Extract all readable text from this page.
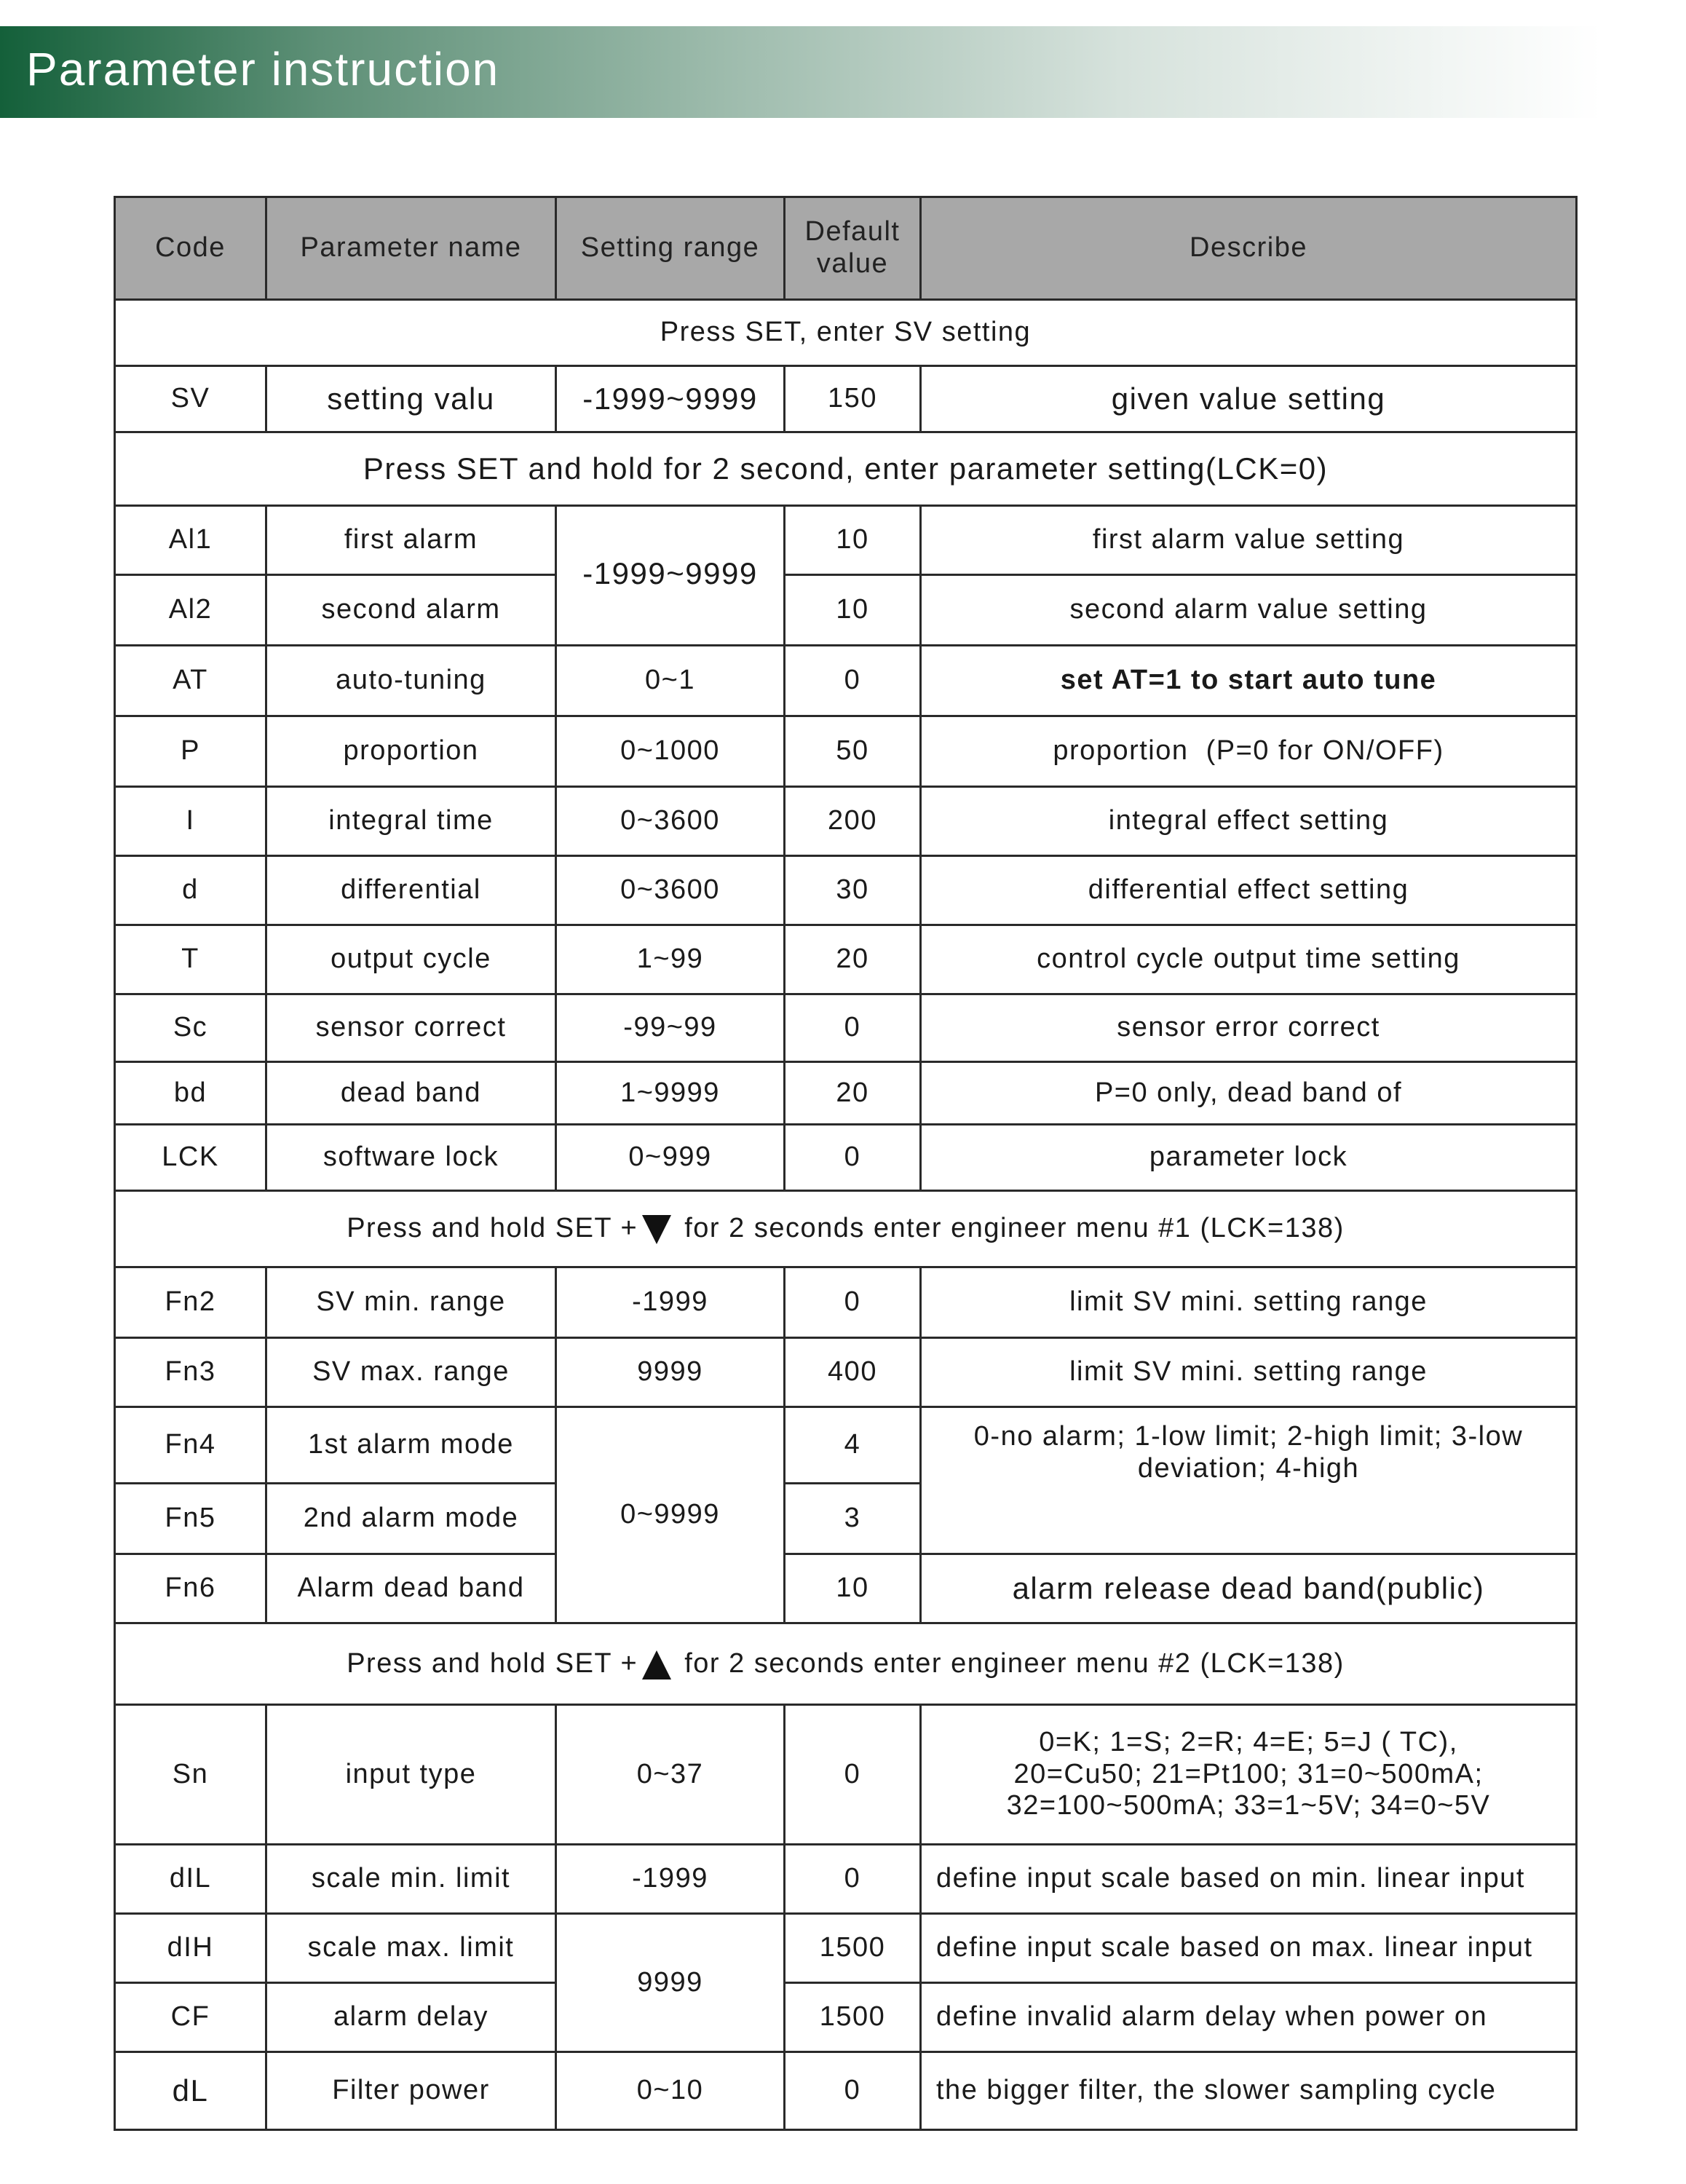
Parameter instruction
Code	Parameter name	Setting range	Default value	Describe
Press SET, enter SV setting				
SV	setting valu	-1999~9999	150	given value setting
Press SET and hold for 2 second, enter parameter setting(LCK=0)				
Al1	first alarm	-1999~9999	10	first alarm value setting
Al2	second alarm		10	second alarm value setting
AT	auto-tuning	0~1	0	set AT=1 to start auto tune
P	proportion	0~1000	50	proportion  (P=0 for ON/OFF)
I	integral time	0~3600	200	integral effect setting
d	differential	0~3600	30	differential effect setting
T	output cycle	1~99	20	control cycle output time setting
Sc	sensor correct	-99~99	0	sensor error correct
bd	dead band	1~9999	20	P=0 only, dead band of
LCK	software lock	0~999	0	parameter lock
Press and hold SET + for 2 seconds enter engineer menu #1 (LCK=138)				
Fn2	SV min. range	-1999	0	limit SV mini. setting range
Fn3	SV max. range	9999	400	limit SV mini. setting range
Fn4	1st alarm mode	0~9999	4	0-no alarm; 1-low limit; 2-high limit; 3-low deviation; 4-high
Fn5	2nd alarm mode		3	
Fn6	Alarm dead band		10	alarm release dead band(public)
Press and hold SET + for 2 seconds enter engineer menu #2 (LCK=138)				
Sn	input type	0~37	0	0=K; 1=S; 2=R; 4=E; 5=J ( TC), 20=Cu50; 21=Pt100; 31=0~500mA; 32=100~500mA; 33=1~5V; 34=0~5V
dIL	scale min. limit	-1999	0	define input scale based on min. linear input
dIH	scale max. limit	9999	1500	define input scale based on max. linear input
CF	alarm delay		1500	define invalid alarm delay when power on
dL	Filter power	0~10	0	the bigger filter, the slower sampling cycle
